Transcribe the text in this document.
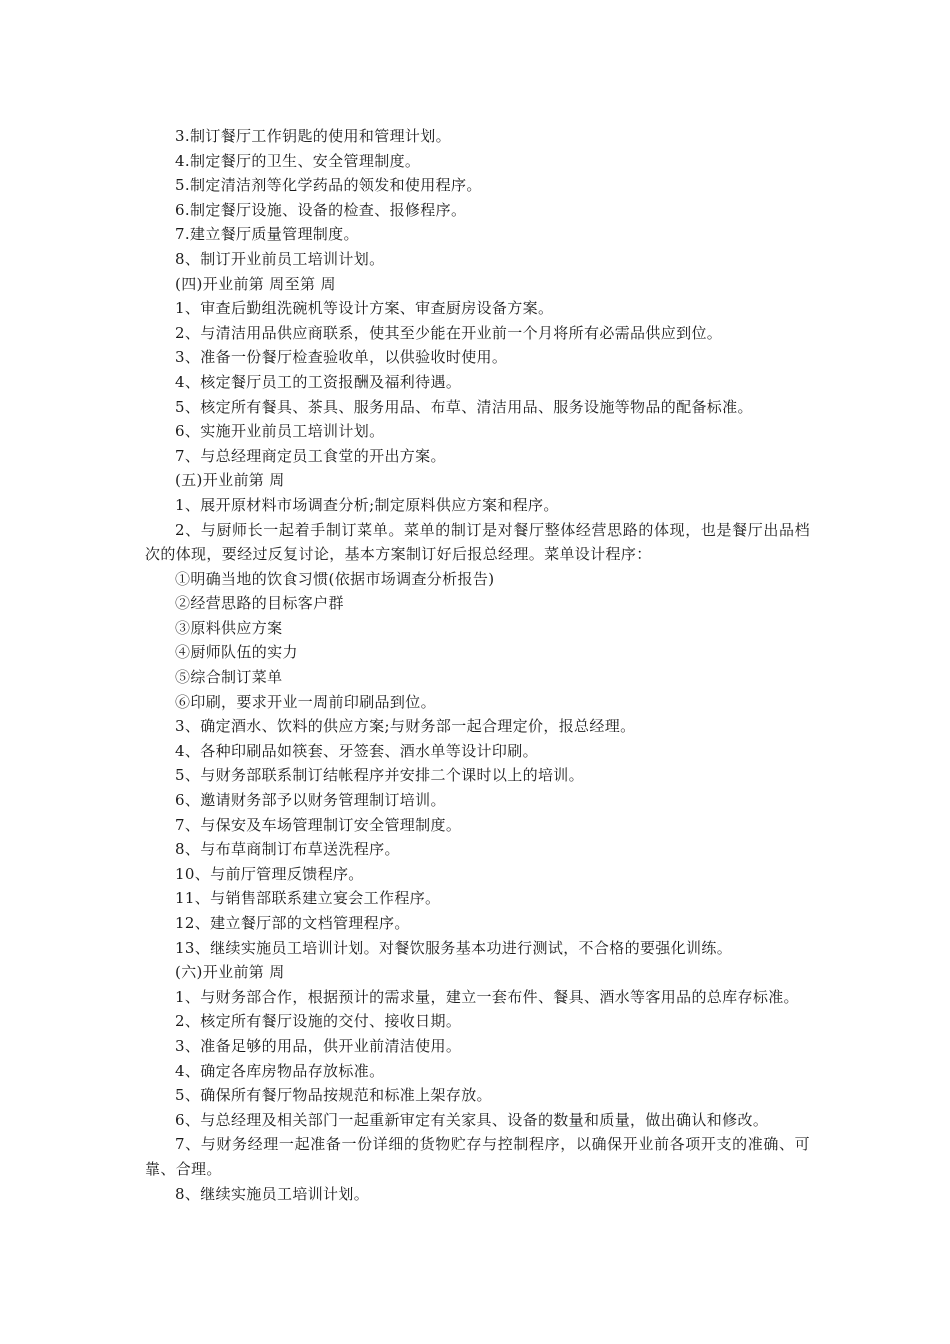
3.制订餐厅工作钥匙的使用和管理计划。

4.制定餐厅的卫生、安全管理制度。

5.制定清洁剂等化学药品的领发和使用程序。

6.制定餐厅设施、设备的检查、报修程序。

7.建立餐厅质量管理制度。

8、制订开业前员工培训计划。

(四)开业前第 周至第 周

1、审查后勤组洗碗机等设计方案、审查厨房设备方案。

2、与清洁用品供应商联系，使其至少能在开业前一个月将所有必需品供应到位。

3、准备一份餐厅检查验收单，以供验收时使用。

4、核定餐厅员工的工资报酬及福利待遇。

5、核定所有餐具、茶具、服务用品、布草、清洁用品、服务设施等物品的配备标准。

6、实施开业前员工培训计划。

7、与总经理商定员工食堂的开出方案。

(五)开业前第 周

1、展开原材料市场调查分析;制定原料供应方案和程序。

2、与厨师长一起着手制订菜单。菜单的制订是对餐厅整体经营思路的体现，也是餐厅出品档次的体现，要经过反复讨论，基本方案制订好后报总经理。菜单设计程序：

①明确当地的饮食习惯(依据市场调查分析报告)

②经营思路的目标客户群

③原料供应方案

④厨师队伍的实力

⑤综合制订菜单

⑥印刷，要求开业一周前印刷品到位。

3、确定酒水、饮料的供应方案;与财务部一起合理定价，报总经理。

4、各种印刷品如筷套、牙签套、酒水单等设计印刷。

5、与财务部联系制订结帐程序并安排二个课时以上的培训。

6、邀请财务部予以财务管理制订培训。

7、与保安及车场管理制订安全管理制度。

8、与布草商制订布草送洗程序。

10、与前厅管理反馈程序。

11、与销售部联系建立宴会工作程序。

12、建立餐厅部的文档管理程序。

13、继续实施员工培训计划。对餐饮服务基本功进行测试，不合格的要强化训练。

(六)开业前第 周

1、与财务部合作，根据预计的需求量，建立一套布件、餐具、酒水等客用品的总库存标准。

2、核定所有餐厅设施的交付、接收日期。

3、准备足够的用品，供开业前清洁使用。

4、确定各库房物品存放标准。

5、确保所有餐厅物品按规范和标准上架存放。

6、与总经理及相关部门一起重新审定有关家具、设备的数量和质量，做出确认和修改。

7、与财务经理一起准备一份详细的货物贮存与控制程序，以确保开业前各项开支的准确、可靠、合理。

8、继续实施员工培训计划。
